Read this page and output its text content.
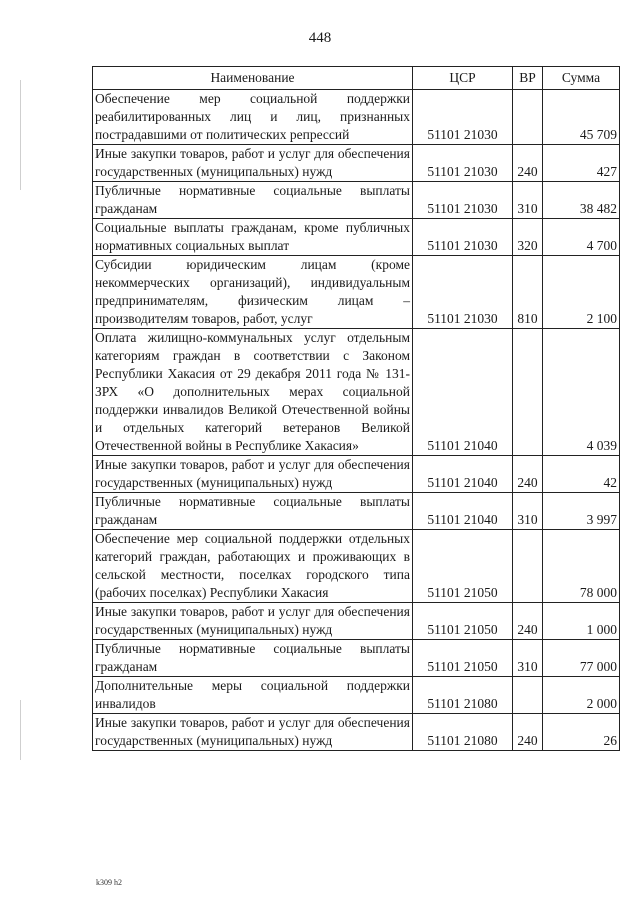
448
Наименование	ЦСР	ВР	Сумма
Обеспечение мер социальной поддержки реабилитированных лиц и лиц, признанных пострадавшими от политических репрессий	51101 21030		45 709
Иные закупки товаров, работ и услуг для обеспечения государственных (муниципальных) нужд	51101 21030	240	427
Публичные нормативные социальные выплаты гражданам	51101 21030	310	38 482
Социальные выплаты гражданам, кроме публичных нормативных социальных выплат	51101 21030	320	4 700
Субсидии юридическим лицам (кроме некоммерческих организаций), индивидуальным предпринимателям, физическим лицам – производителям товаров, работ, услуг	51101 21030	810	2 100
Оплата жилищно-коммунальных услуг отдельным категориям граждан в соответствии с Законом Республики Хакасия от 29 декабря 2011 года № 131-ЗРХ «О дополнительных мерах социальной поддержки инвалидов Великой Отечественной войны и отдельных категорий ветеранов Великой Отечественной войны в Республике Хакасия»	51101 21040		4 039
Иные закупки товаров, работ и услуг для обеспечения государственных (муниципальных) нужд	51101 21040	240	42
Публичные нормативные социальные выплаты гражданам	51101 21040	310	3 997
Обеспечение мер социальной поддержки отдельных категорий граждан, работающих и проживающих в сельской местности, поселках городского типа (рабочих поселках) Республики Хакасия	51101 21050		78 000
Иные закупки товаров, работ и услуг для обеспечения государственных (муниципальных) нужд	51101 21050	240	1 000
Публичные нормативные социальные выплаты гражданам	51101 21050	310	77 000
Дополнительные меры социальной поддержки инвалидов	51101 21080		2 000
Иные закупки товаров, работ и услуг для обеспечения государственных (муниципальных) нужд	51101 21080	240	26
k309 h2
